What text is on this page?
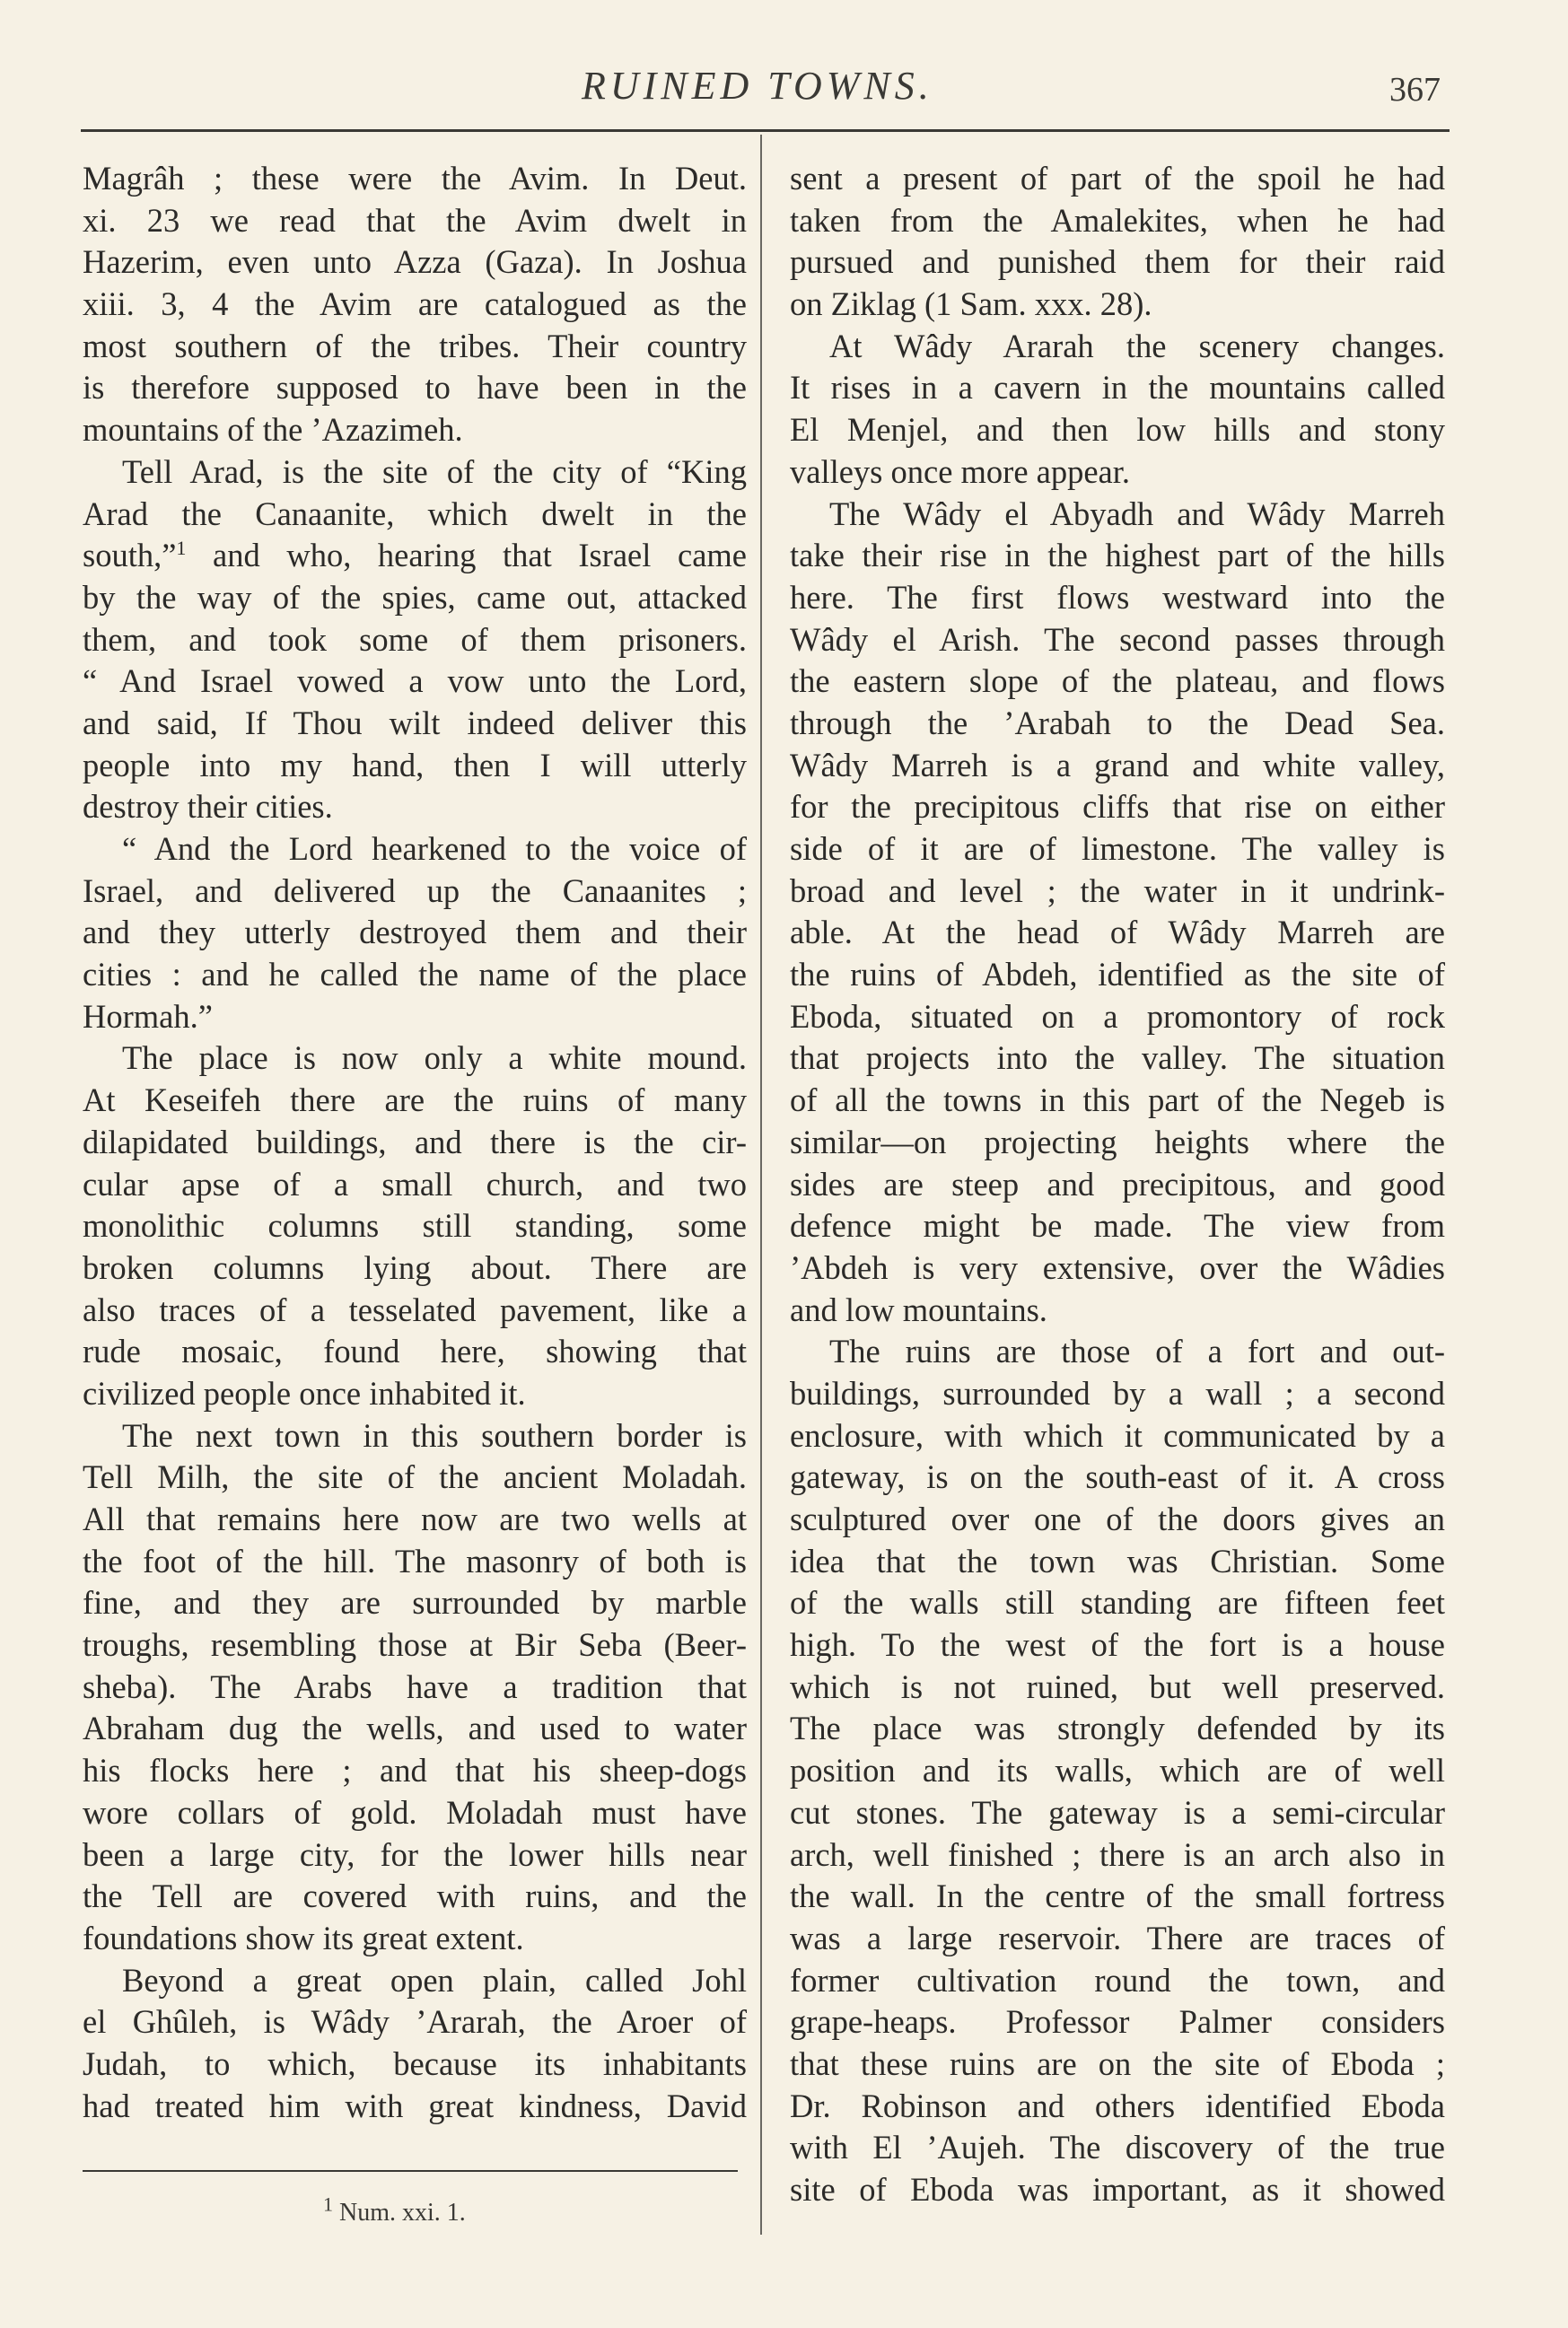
RUINED TOWNS.	367
Magrâh ; these were the Avim. In Deut.
xi. 23 we read that the Avim dwelt in
Hazerim, even unto Azza (Gaza). In Joshua
xiii. 3, 4 the Avim are catalogued as the
most southern of the tribes. Their country
is therefore supposed to have been in the
mountains of the ’Azazimeh.
Tell Arad, is the site of the city of “King
Arad the Canaanite, which dwelt in the
south,”$^1$ and who, hearing that Israel came
by the way of the spies, came out, attacked
them, and took some of them prisoners.
“ And Israel vowed a vow unto the Lord,
and said, If Thou wilt indeed deliver this
people into my hand, then I will utterly
destroy their cities.
“ And the Lord hearkened to the voice of
Israel, and delivered up the Canaanites ;
and they utterly destroyed them and their
cities : and he called the name of the place
Hormah.”
The place is now only a white mound.
At Keseifeh there are the ruins of many
dilapidated buildings, and there is the cir-
cular apse of a small church, and two
monolithic columns still standing, some
broken columns lying about. There are
also traces of a tesselated pavement, like a
rude mosaic, found here, showing that
civilized people once inhabited it.
The next town in this southern border is
Tell Milh, the site of the ancient Moladah.
All that remains here now are two wells at
the foot of the hill. The masonry of both is
fine, and they are surrounded by marble
troughs, resembling those at Bir Seba (Beer-
sheba). The Arabs have a tradition that
Abraham dug the wells, and used to water
his flocks here ; and that his sheep-dogs
wore collars of gold. Moladah must have
been a large city, for the lower hills near
the Tell are covered with ruins, and the
foundations show its great extent.
Beyond a great open plain, called Johl
el Ghûleh, is Wâdy ’Ararah, the Aroer of
Judah, to which, because its inhabitants
had treated him with great kindness, David
sent a present of part of the spoil he had
taken from the Amalekites, when he had
pursued and punished them for their raid
on Ziklag (1 Sam. xxx. 28).
At Wâdy Ararah the scenery changes.
It rises in a cavern in the mountains called
El Menjel, and then low hills and stony
valleys once more appear.
The Wâdy el Abyadh and Wâdy Marreh
take their rise in the highest part of the hills
here. The first flows westward into the
Wâdy el Arish. The second passes through
the eastern slope of the plateau, and flows
through the ’Arabah to the Dead Sea.
Wâdy Marreh is a grand and white valley,
for the precipitous cliffs that rise on either
side of it are of limestone. The valley is
broad and level ; the water in it undrink-
able. At the head of Wâdy Marreh are
the ruins of Abdeh, identified as the site of
Eboda, situated on a promontory of rock
that projects into the valley. The situation
of all the towns in this part of the Negeb is
similar—on projecting heights where the
sides are steep and precipitous, and good
defence might be made. The view from
’Abdeh is very extensive, over the Wâdies
and low mountains.
The ruins are those of a fort and out-
buildings, surrounded by a wall ; a second
enclosure, with which it communicated by a
gateway, is on the south-east of it. A cross
sculptured over one of the doors gives an
idea that the town was Christian. Some
of the walls still standing are fifteen feet
high. To the west of the fort is a house
which is not ruined, but well preserved.
The place was strongly defended by its
position and its walls, which are of well
cut stones. The gateway is a semi-circular
arch, well finished ; there is an arch also in
the wall. In the centre of the small fortress
was a large reservoir. There are traces of
former cultivation round the town, and
grape-heaps. Professor Palmer considers
that these ruins are on the site of Eboda ;
Dr. Robinson and others identified Eboda
with El ’Aujeh. The discovery of the true
site of Eboda was important, as it showed
$^1$ Num. xxi. 1.
